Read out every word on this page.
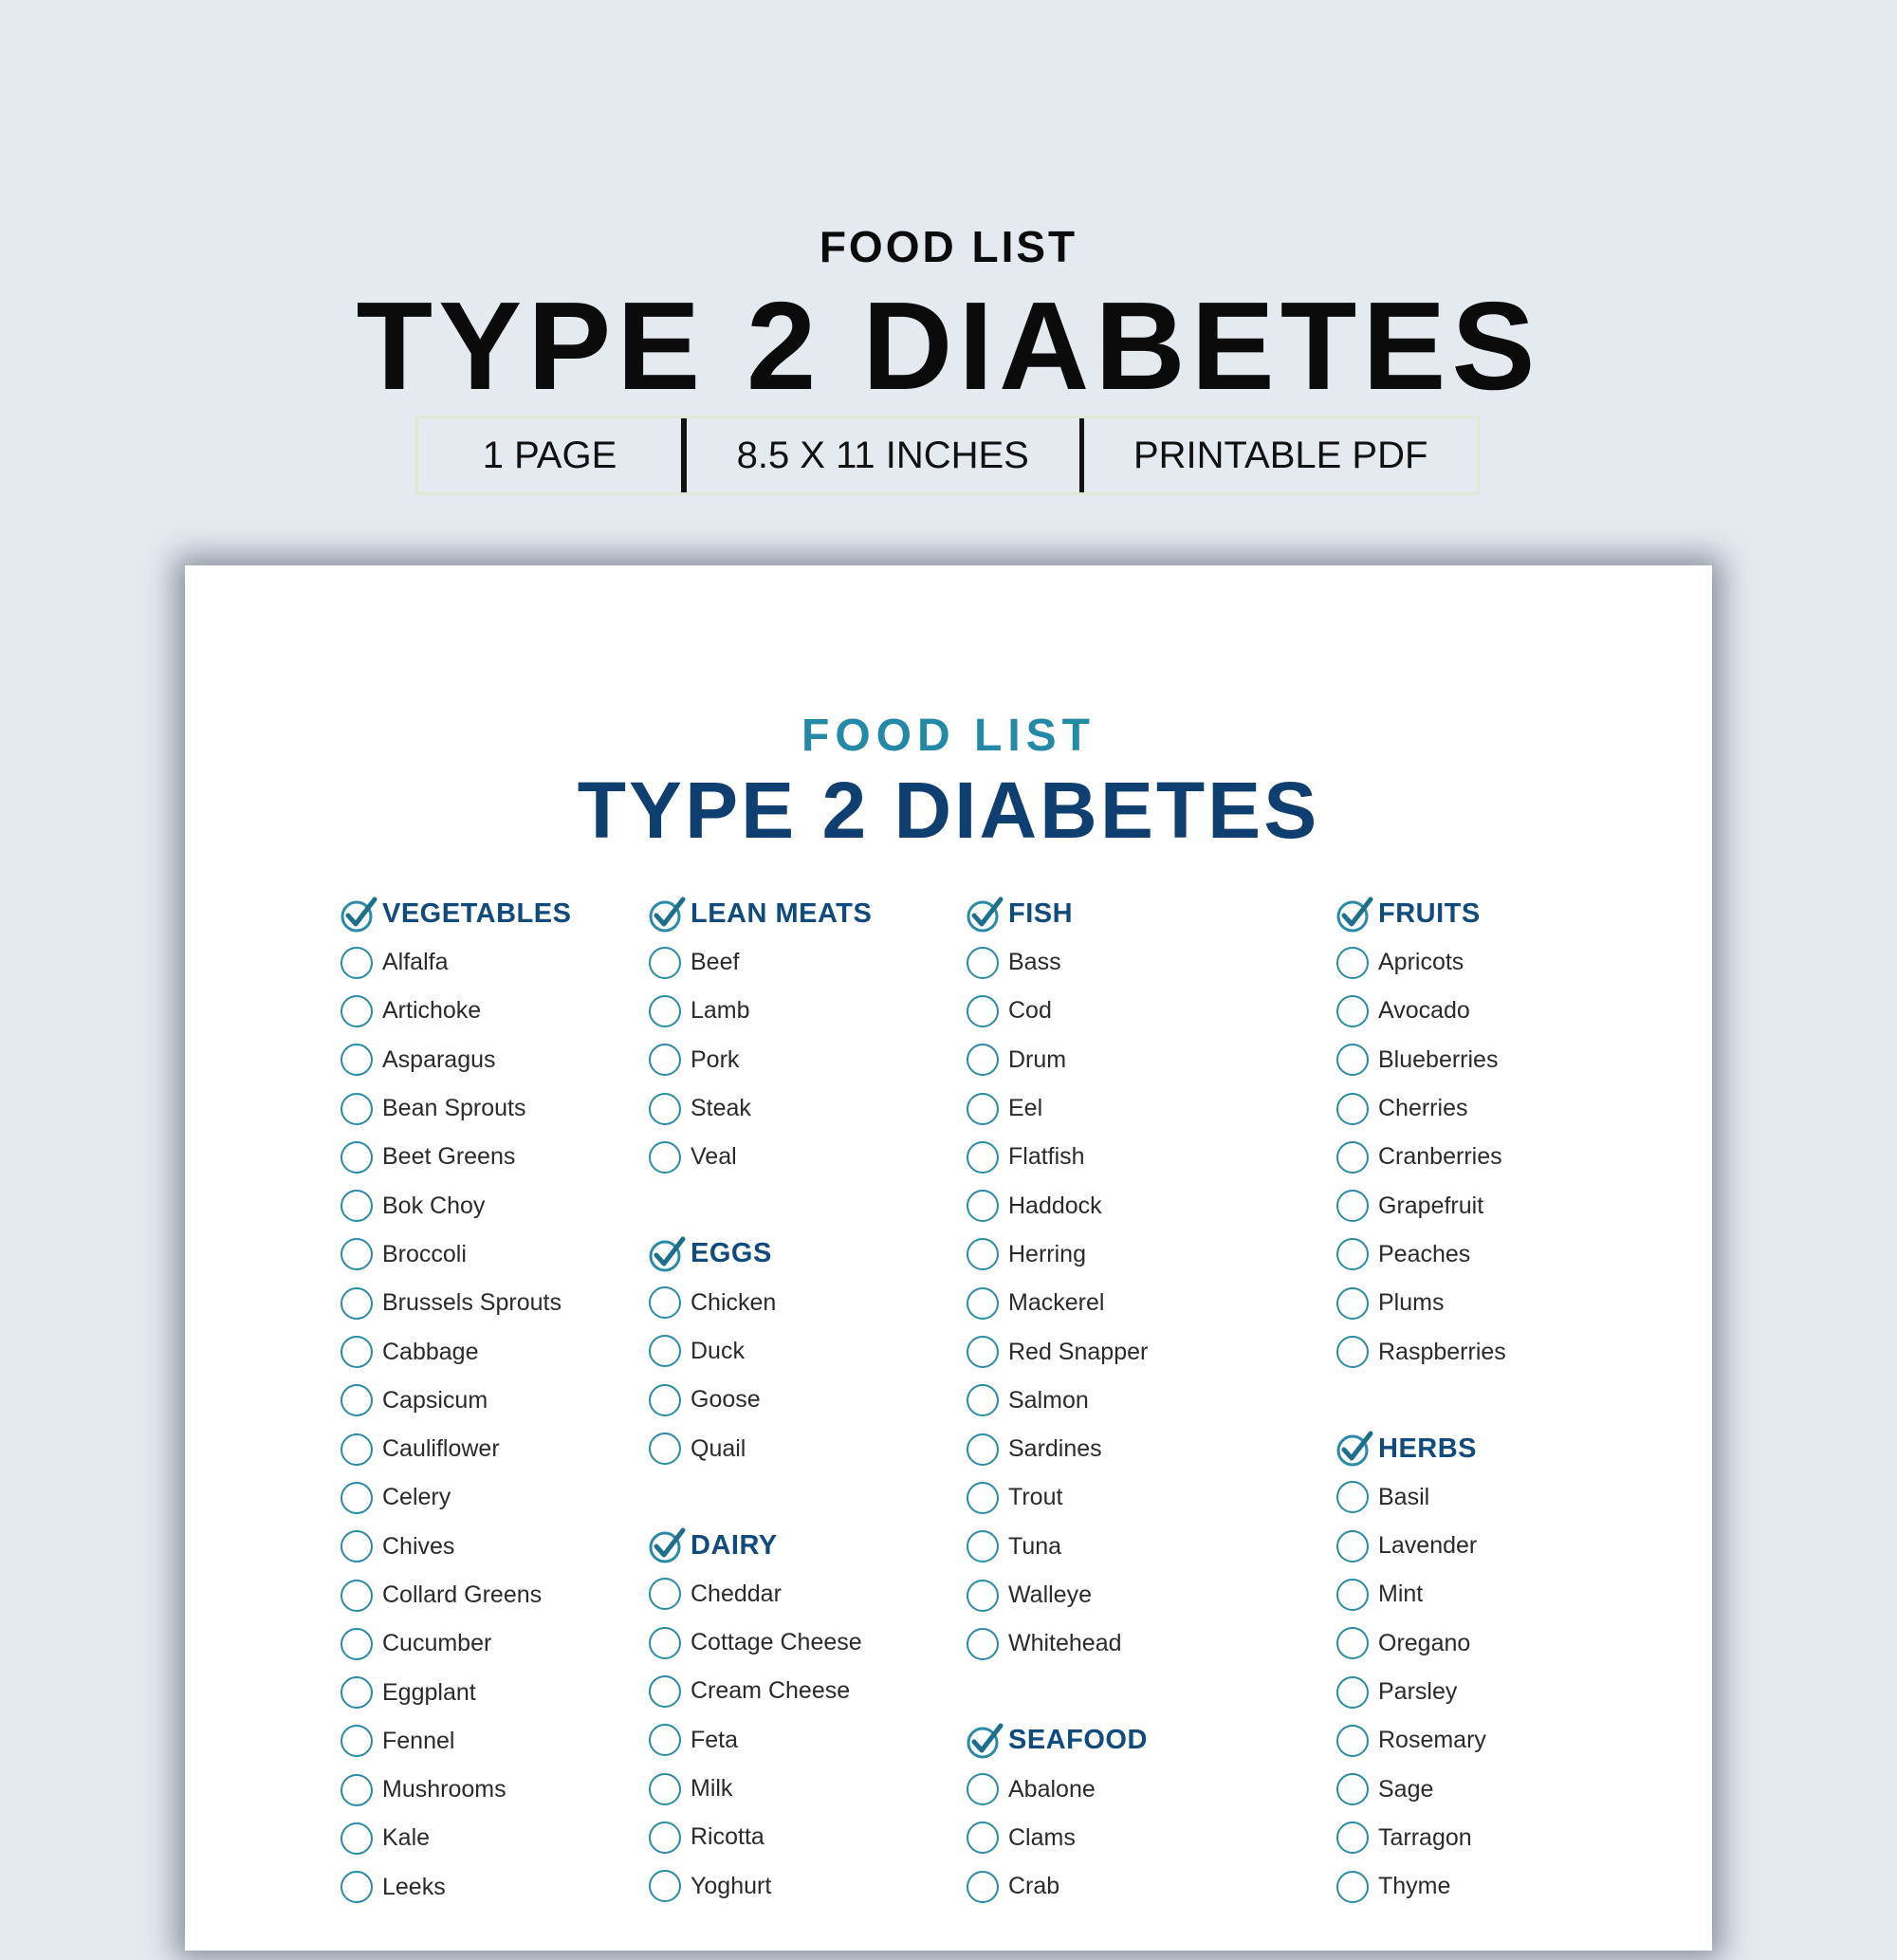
FOOD LIST
TYPE 2 DIABETES
1 PAGE	8.5 X 11 INCHES	PRINTABLE PDF
FOOD LIST
TYPE 2 DIABETES
VEGETABLES
Alfalfa
Artichoke
Asparagus
Bean Sprouts
Beet Greens
Bok Choy
Broccoli
Brussels Sprouts
Cabbage
Capsicum
Cauliflower
Celery
Chives
Collard Greens
Cucumber
Eggplant
Fennel
Mushrooms
Kale
Leeks
LEAN MEATS
Beef
Lamb
Pork
Steak
Veal
EGGS
Chicken
Duck
Goose
Quail
DAIRY
Cheddar
Cottage Cheese
Cream Cheese
Feta
Milk
Ricotta
Yoghurt
FISH
Bass
Cod
Drum
Eel
Flatfish
Haddock
Herring
Mackerel
Red Snapper
Salmon
Sardines
Trout
Tuna
Walleye
Whitehead
SEAFOOD
Abalone
Clams
Crab
FRUITS
Apricots
Avocado
Blueberries
Cherries
Cranberries
Grapefruit
Peaches
Plums
Raspberries
HERBS
Basil
Lavender
Mint
Oregano
Parsley
Rosemary
Sage
Tarragon
Thyme
